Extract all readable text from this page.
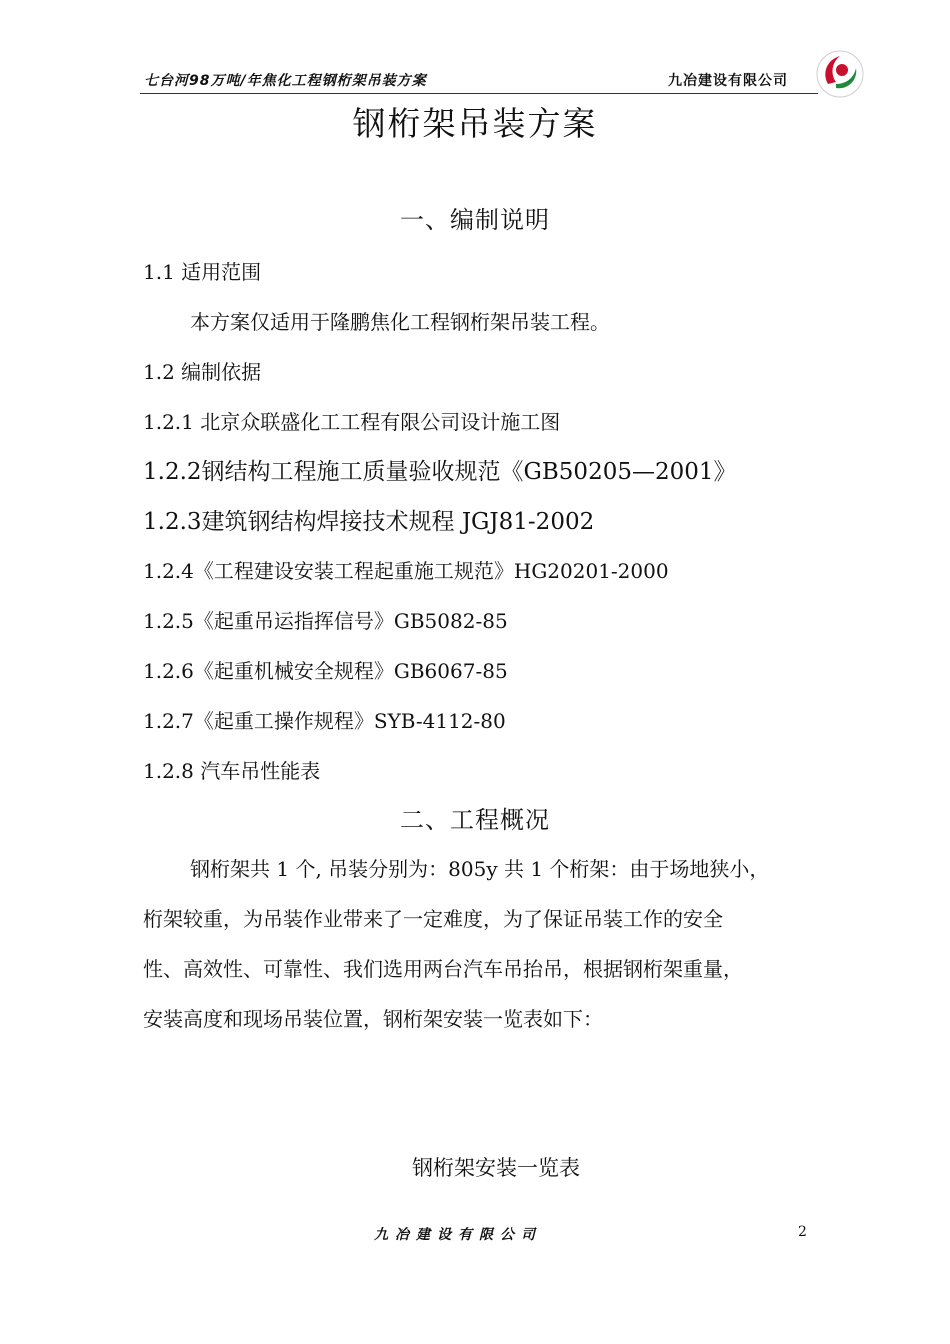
七台河98万吨/年焦化工程钢桁架吊装方案	九冶建设有限公司
钢桁架吊装方案
一、编制说明
1.1 适用范围
本方案仅适用于隆鹏焦化工程钢桁架吊装工程。
1.2 编制依据
1.2.1 北京众联盛化工工程有限公司设计施工图
1.2.2钢结构工程施工质量验收规范《GB50205—2001》
1.2.3建筑钢结构焊接技术规程 JGJ81-2002
1.2.4《工程建设安装工程起重施工规范》HG20201-2000
1.2.5《起重吊运指挥信号》GB5082-85
1.2.6《起重机械安全规程》GB6067-85
1.2.7《起重工操作规程》SYB-4112-80
1.2.8 汽车吊性能表
二、工程概况
钢桁架共 1 个, 吊装分别为：805y 共 1 个桁架：由于场地狭小，
桁架较重，为吊装作业带来了一定难度，为了保证吊装工作的安全
性、高效性、可靠性、我们选用两台汽车吊抬吊，根据钢桁架重量，
安装高度和现场吊装位置，钢桁架安装一览表如下：
钢桁架安装一览表
九冶建设有限公司	2
